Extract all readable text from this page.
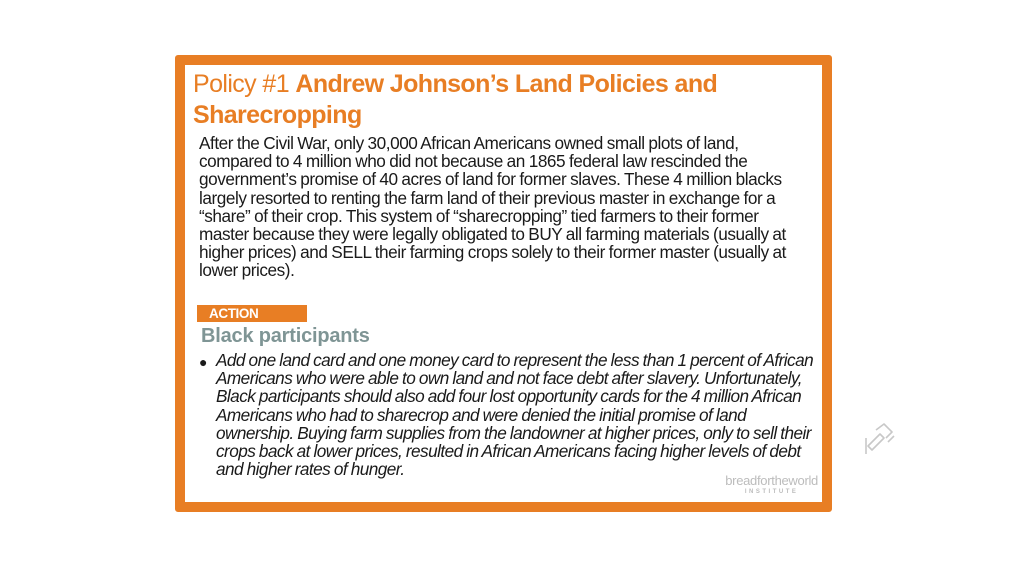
Policy #1 Andrew Johnson’s Land Policies and Sharecropping
After the Civil War, only 30,000 African Americans owned small plots of land, compared to 4 million who did not because an 1865 federal law rescinded the government’s promise of 40 acres of land for former slaves. These 4 million blacks largely resorted to renting the farm land of their previous master in exchange for a “share” of their crop. This system of “sharecropping” tied farmers to their former master because they were legally obligated to BUY all farming materials (usually at higher prices) and SELL their farming crops solely to their former master (usually at lower prices).
ACTION
Black participants
● Add one land card and one money card to represent the less than 1 percent of African Americans who were able to own land and not face debt after slavery. Unfortunately, Black participants should also add four lost opportunity cards for the 4 million African Americans who had to sharecrop and were denied the initial promise of land ownership. Buying farm supplies from the landowner at higher prices, only to sell their crops back at lower prices, resulted in African Americans facing higher levels of debt and higher rates of hunger.
breadfortheworld
INSTITUTE
